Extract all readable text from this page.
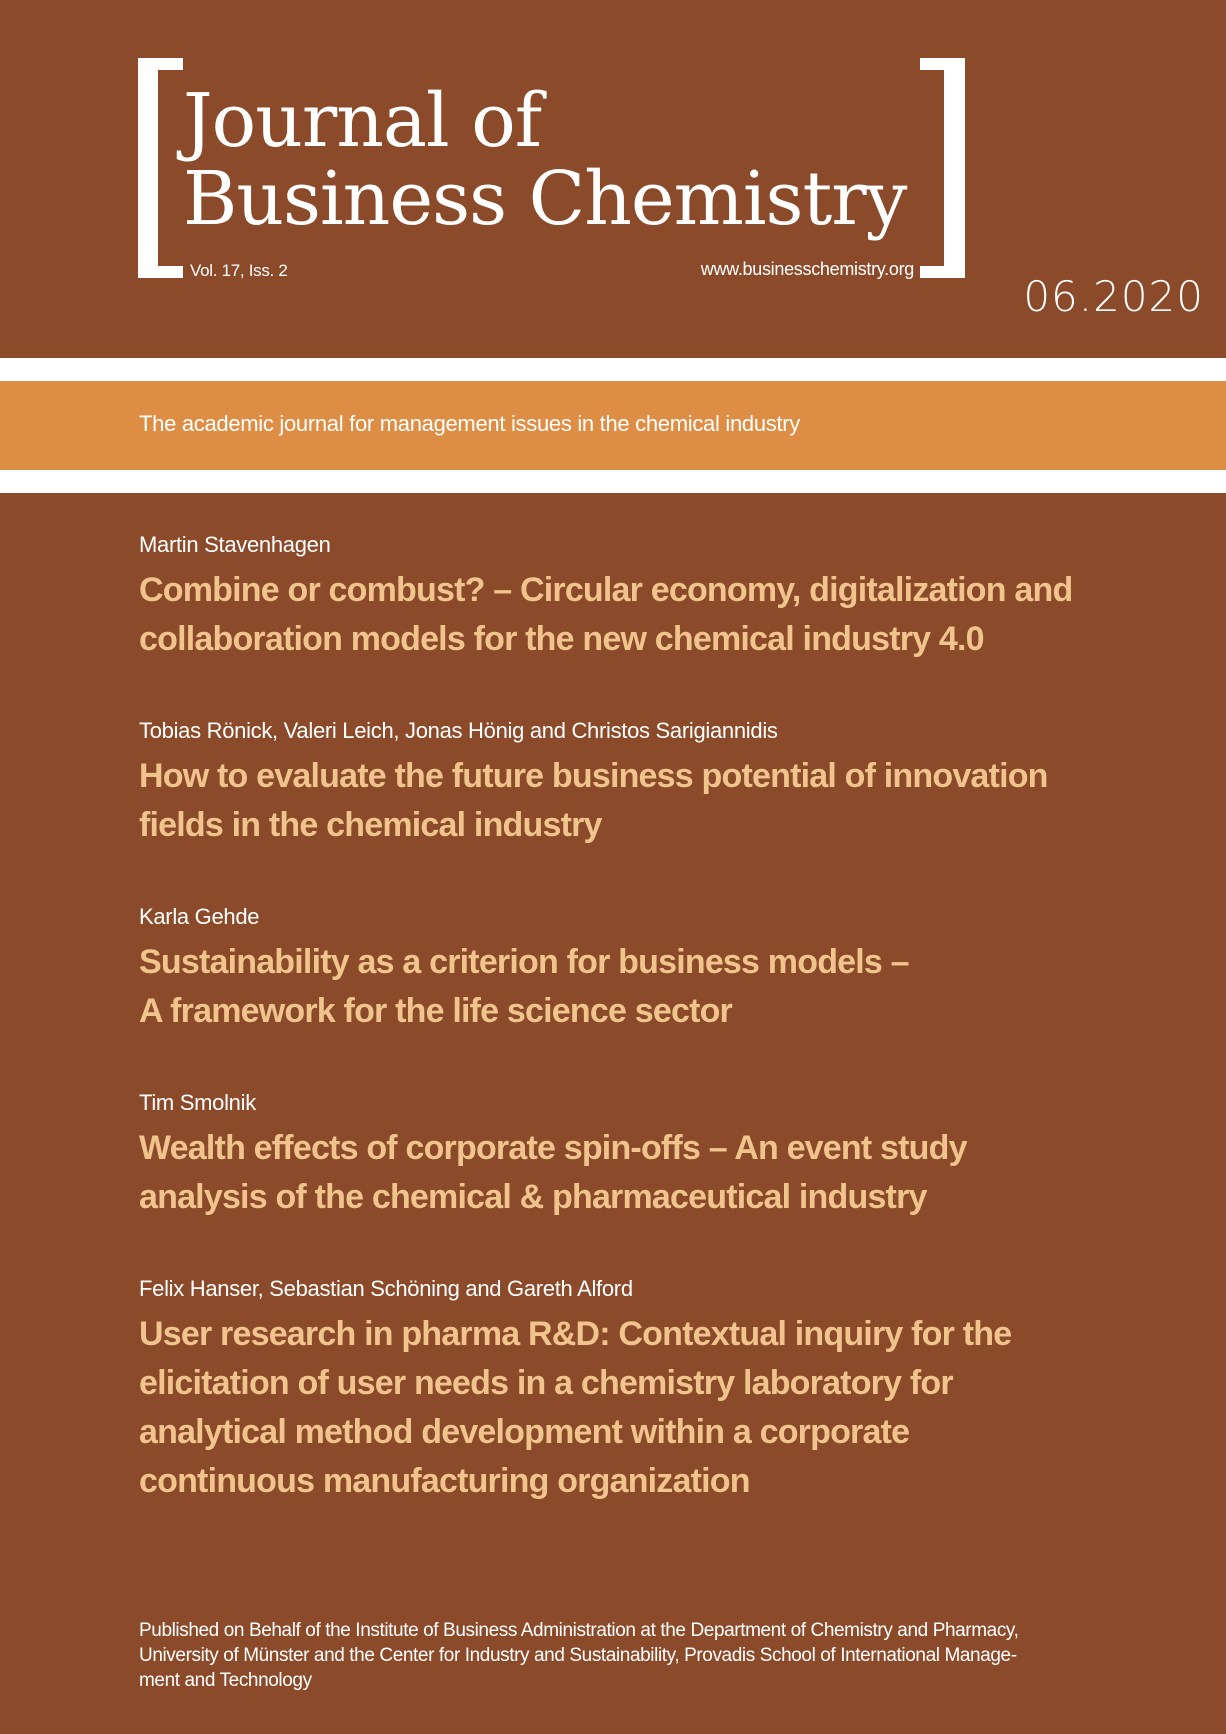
Journal of
Business Chemistry
Vol. 17, Iss. 2	www.businesschemistry.org
06.2020
The academic journal for management issues in the chemical industry
Martin Stavenhagen
Combine or combust? – Circular economy, digitalization and
collaboration models for the new chemical industry 4.0
Tobias Rönick, Valeri Leich, Jonas Hönig and Christos Sarigiannidis
How to evaluate the future business potential of innovation
fields in the chemical industry
Karla Gehde
Sustainability as a criterion for business models –
A framework for the life science sector
Tim Smolnik
Wealth effects of corporate spin-offs – An event study
analysis of the chemical & pharmaceutical industry
Felix Hanser, Sebastian Schöning and Gareth Alford
User research in pharma R&D: Contextual inquiry for the
elicitation of user needs in a chemistry laboratory for
analytical method development within a corporate
continuous manufacturing organization
Published on Behalf of the Institute of Business Administration at the Department of Chemistry and Pharmacy,
University of Münster and the Center for Industry and Sustainability, Provadis School of International Manage-
ment and Technology
